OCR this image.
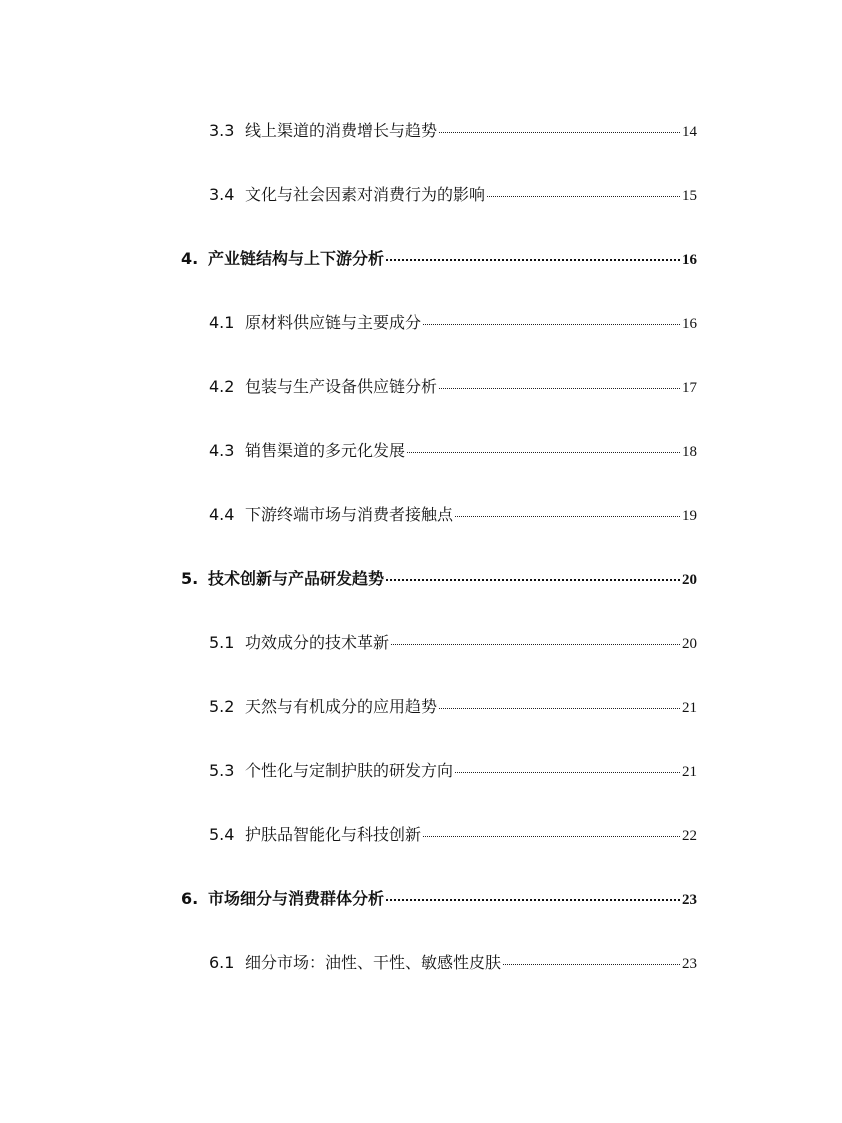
3.3 线上渠道的消费增长与趋势	14
3.4 文化与社会因素对消费行为的影响	15
4. 产业链结构与上下游分析	16
4.1 原材料供应链与主要成分	16
4.2 包装与生产设备供应链分析	17
4.3 销售渠道的多元化发展	18
4.4 下游终端市场与消费者接触点	19
5. 技术创新与产品研发趋势	20
5.1 功效成分的技术革新	20
5.2 天然与有机成分的应用趋势	21
5.3 个性化与定制护肤的研发方向	21
5.4 护肤品智能化与科技创新	22
6. 市场细分与消费群体分析	23
6.1 细分市场：油性、干性、敏感性皮肤	23
